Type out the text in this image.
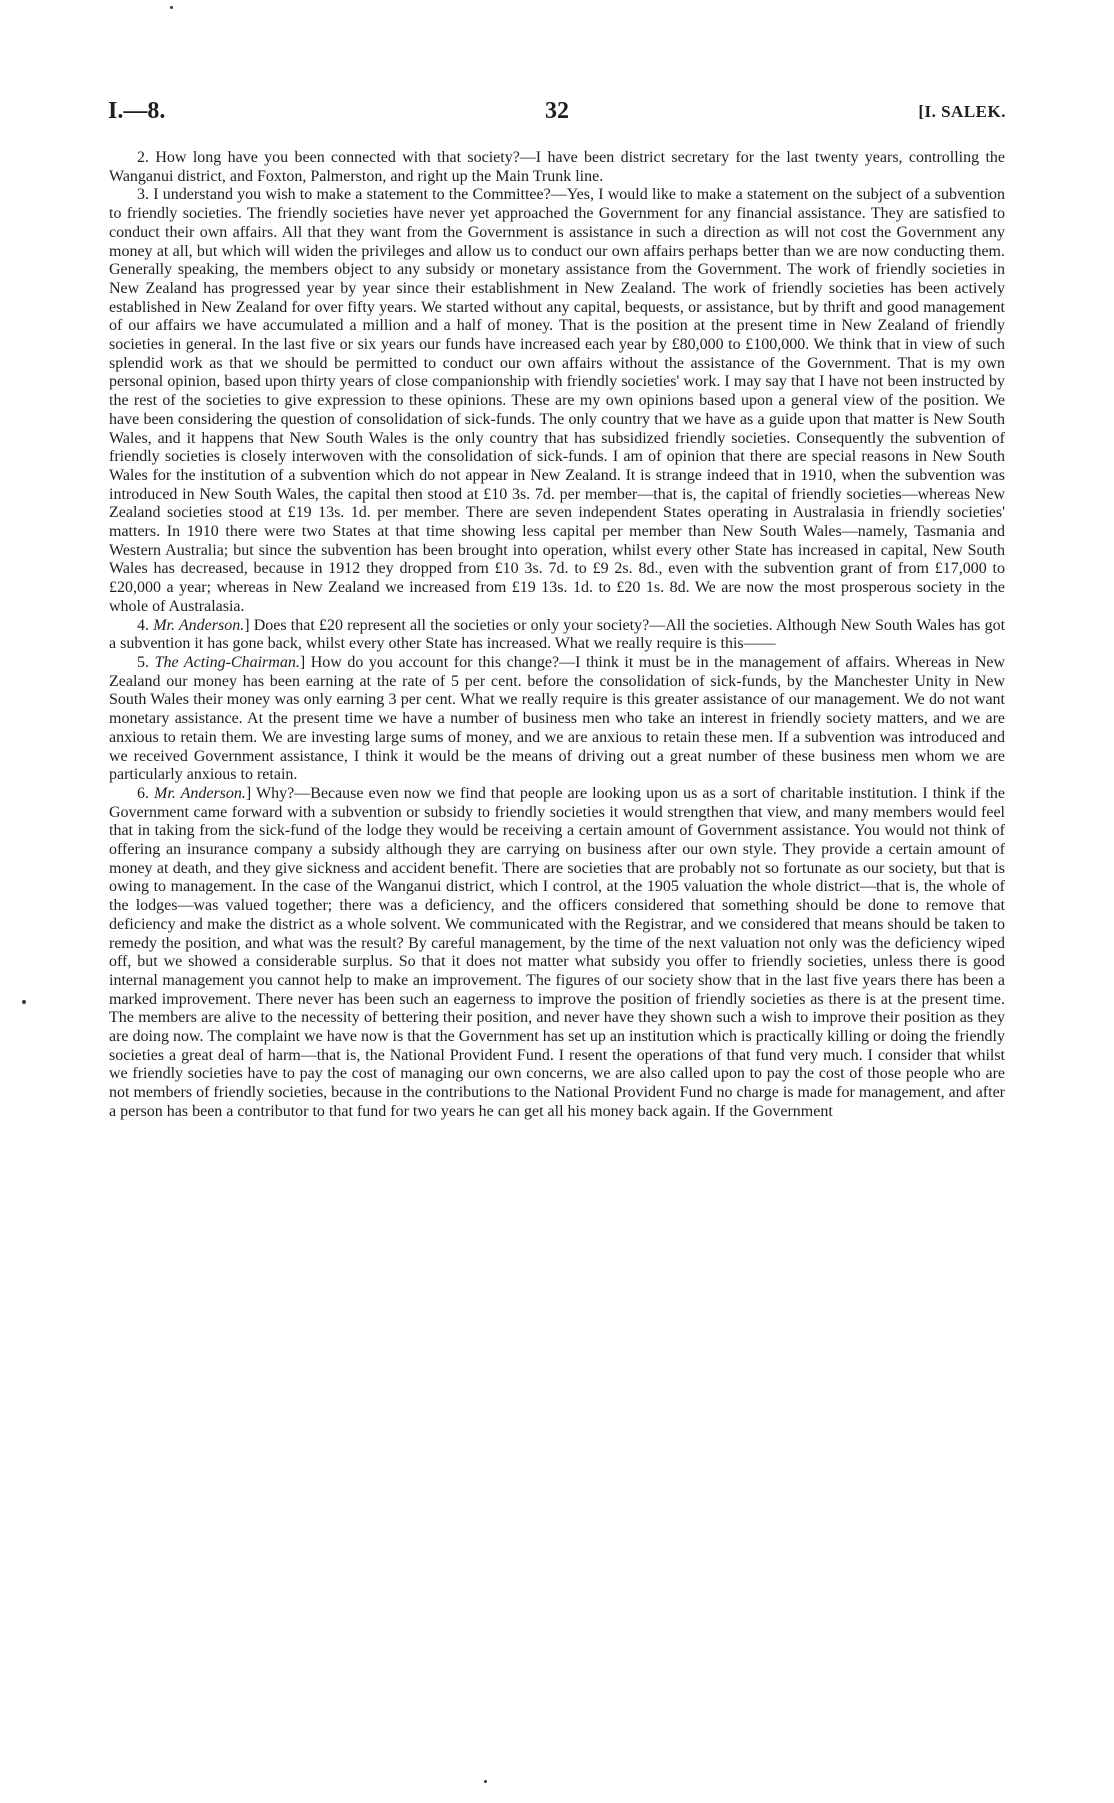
I.—8.	32	[I. SALEK.

2. How long have you been connected with that society?—I have been district secretary for the last twenty years, controlling the Wanganui district, and Foxton, Palmerston, and right up the Main Trunk line.

3. I understand you wish to make a statement to the Committee?—Yes, I would like to make a statement on the subject of a subvention to friendly societies. The friendly societies have never yet approached the Government for any financial assistance. They are satisfied to conduct their own affairs. All that they want from the Government is assistance in such a direction as will not cost the Government any money at all, but which will widen the privileges and allow us to conduct our own affairs perhaps better than we are now conducting them. Generally speaking, the members object to any subsidy or monetary assistance from the Government. The work of friendly societies in New Zealand has progressed year by year since their establishment in New Zealand. The work of friendly societies has been actively established in New Zealand for over fifty years. We started without any capital, bequests, or assistance, but by thrift and good management of our affairs we have accumulated a million and a half of money. That is the position at the present time in New Zealand of friendly societies in general. In the last five or six years our funds have increased each year by £80,000 to £100,000. We think that in view of such splendid work as that we should be permitted to conduct our own affairs without the assistance of the Government. That is my own personal opinion, based upon thirty years of close companionship with friendly societies' work. I may say that I have not been instructed by the rest of the societies to give expression to these opinions. These are my own opinions based upon a general view of the position. We have been considering the question of consolidation of sick-funds. The only country that we have as a guide upon that matter is New South Wales, and it happens that New South Wales is the only country that has subsidized friendly societies. Consequently the subvention of friendly societies is closely interwoven with the consolidation of sick-funds. I am of opinion that there are special reasons in New South Wales for the institution of a subvention which do not appear in New Zealand. It is strange indeed that in 1910, when the subvention was introduced in New South Wales, the capital then stood at £10 3s. 7d. per member—that is, the capital of friendly societies—whereas New Zealand societies stood at £19 13s. 1d. per member. There are seven independent States operating in Australasia in friendly societies' matters. In 1910 there were two States at that time showing less capital per member than New South Wales—namely, Tasmania and Western Australia; but since the subvention has been brought into operation, whilst every other State has increased in capital, New South Wales has decreased, because in 1912 they dropped from £10 3s. 7d. to £9 2s. 8d., even with the subvention grant of from £17,000 to £20,000 a year; whereas in New Zealand we increased from £19 13s. 1d. to £20 1s. 8d. We are now the most prosperous society in the whole of Australasia.

4. Mr. Anderson.] Does that £20 represent all the societies or only your society?—All the societies. Although New South Wales has got a subvention it has gone back, whilst every other State has increased. What we really require is this——

5. The Acting-Chairman.] How do you account for this change?—I think it must be in the management of affairs. Whereas in New Zealand our money has been earning at the rate of 5 per cent. before the consolidation of sick-funds, by the Manchester Unity in New South Wales their money was only earning 3 per cent. What we really require is this greater assistance of our management. We do not want monetary assistance. At the present time we have a number of business men who take an interest in friendly society matters, and we are anxious to retain them. We are investing large sums of money, and we are anxious to retain these men. If a subvention was introduced and we received Government assistance, I think it would be the means of driving out a great number of these business men whom we are particularly anxious to retain.

6. Mr. Anderson.] Why?—Because even now we find that people are looking upon us as a sort of charitable institution. I think if the Government came forward with a subvention or subsidy to friendly societies it would strengthen that view, and many members would feel that in taking from the sick-fund of the lodge they would be receiving a certain amount of Government assistance. You would not think of offering an insurance company a subsidy although they are carrying on business after our own style. They provide a certain amount of money at death, and they give sickness and accident benefit. There are societies that are probably not so fortunate as our society, but that is owing to management. In the case of the Wanganui district, which I control, at the 1905 valuation the whole district—that is, the whole of the lodges—was valued together; there was a deficiency, and the officers considered that something should be done to remove that deficiency and make the district as a whole solvent. We communicated with the Registrar, and we considered that means should be taken to remedy the position, and what was the result? By careful management, by the time of the next valuation not only was the deficiency wiped off, but we showed a considerable surplus. So that it does not matter what subsidy you offer to friendly societies, unless there is good internal management you cannot help to make an improvement. The figures of our society show that in the last five years there has been a marked improvement. There never has been such an eagerness to improve the position of friendly societies as there is at the present time. The members are alive to the necessity of bettering their position, and never have they shown such a wish to improve their position as they are doing now. The complaint we have now is that the Government has set up an institution which is practically killing or doing the friendly societies a great deal of harm—that is, the National Provident Fund. I resent the operations of that fund very much. I consider that whilst we friendly societies have to pay the cost of managing our own concerns, we are also called upon to pay the cost of those people who are not members of friendly societies, because in the contributions to the National Provident Fund no charge is made for management, and after a person has been a contributor to that fund for two years he can get all his money back again. If the Government
